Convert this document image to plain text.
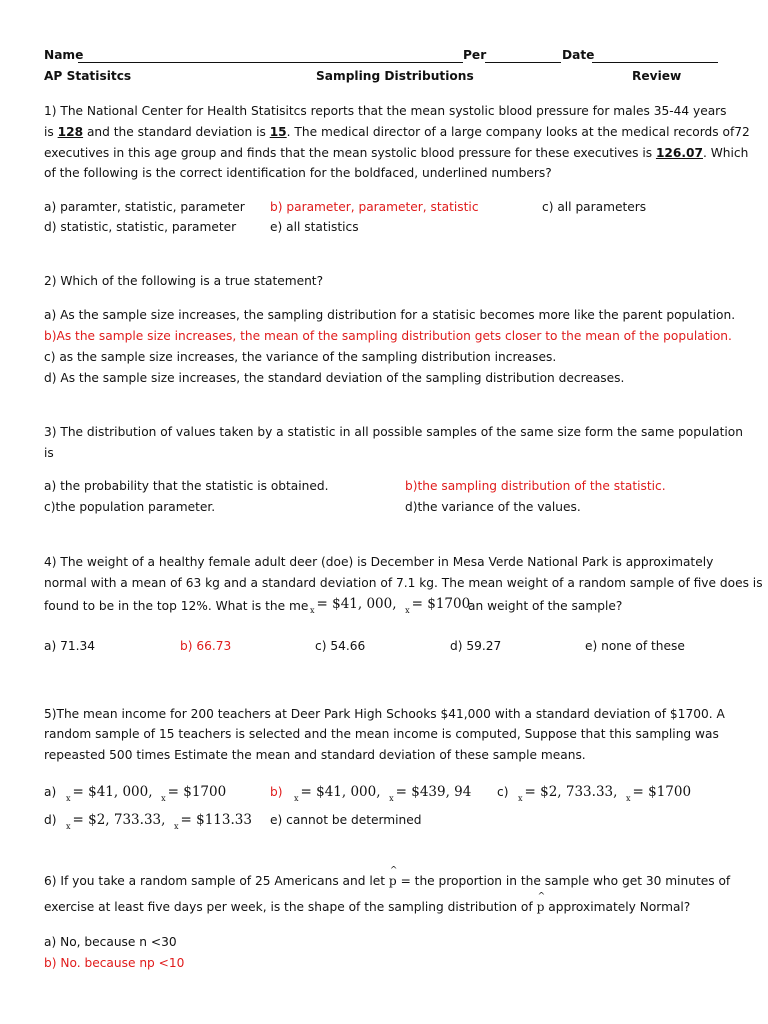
Name	Per	Date
AP Statisitcs	Sampling Distributions	Review
1) The National Center for Health Statisitcs reports that the mean systolic blood pressure for males 35-44 years
is 128 and the standard deviation is 15. The medical director of a large company looks at the medical records of72
executives in this age group and finds that the mean systolic blood pressure for these executives is 126.07. Which
of the following is the correct identification for the boldfaced, underlined numbers?
a) paramter, statistic, parameter b) parameter, parameter, statistic	c) all parameters
d) statistic, statistic, parameter	e) all statistics
2) Which of the following is a true statement?
a) As the sample size increases, the sampling distribution for a statisic becomes more like the parent population.
b)As the sample size increases, the mean of the sampling distribution gets closer to the mean of the population.
c) as the sample size increases, the variance of the sampling distribution increases.
d) As the sample size increases, the standard deviation of the sampling distribution decreases.
3) The distribution of values taken by a statistic in all possible samples of the same size form the same population
is
a) the probability that the statistic is obtained.	b)the sampling distribution of the statistic.
c)the population parameter.	d)the variance of the values.
4) The weight of a healthy female adult deer (doe) is December in Mesa Verde National Park is approximately
normal with a mean of 63 kg and a standard deviation of 7.1 kg. The mean weight of a random sample of five does is
found to be in the top 12%. What is the me $_x$ = $41, 000, $_x$ = $1700
an weight of the sample?
a) 71.34	b) 66.73	c) 54.66	d) 59.27	e) none of these
5)The mean income for 200 teachers at Deer Park High Schooks $41,000 with a standard deviation of $1700. A
random sample of 15 teachers is selected and the mean income is computed, Suppose that this sampling was
repeasted 500 times Estimate the mean and standard deviation of these sample means.
a) $_x$ = $41, 000, $_x$ = $1700	b) $_x$ = $41, 000, $_x$ = $439, 94 c) $_x$ = $2, 733.33, $_x$ = $1700
d) $_x$ = $2, 733.33, $_x$ = $113.33 e) cannot be determined
6) If you take a random sample of 25 Americans and let ^ p = the proportion in the sample who get 30 minutes of
exercise at least five days per week, is the shape of the sampling distribution of ^ p approximately Normal?
a) No, because n <30
b) No. because np <10
